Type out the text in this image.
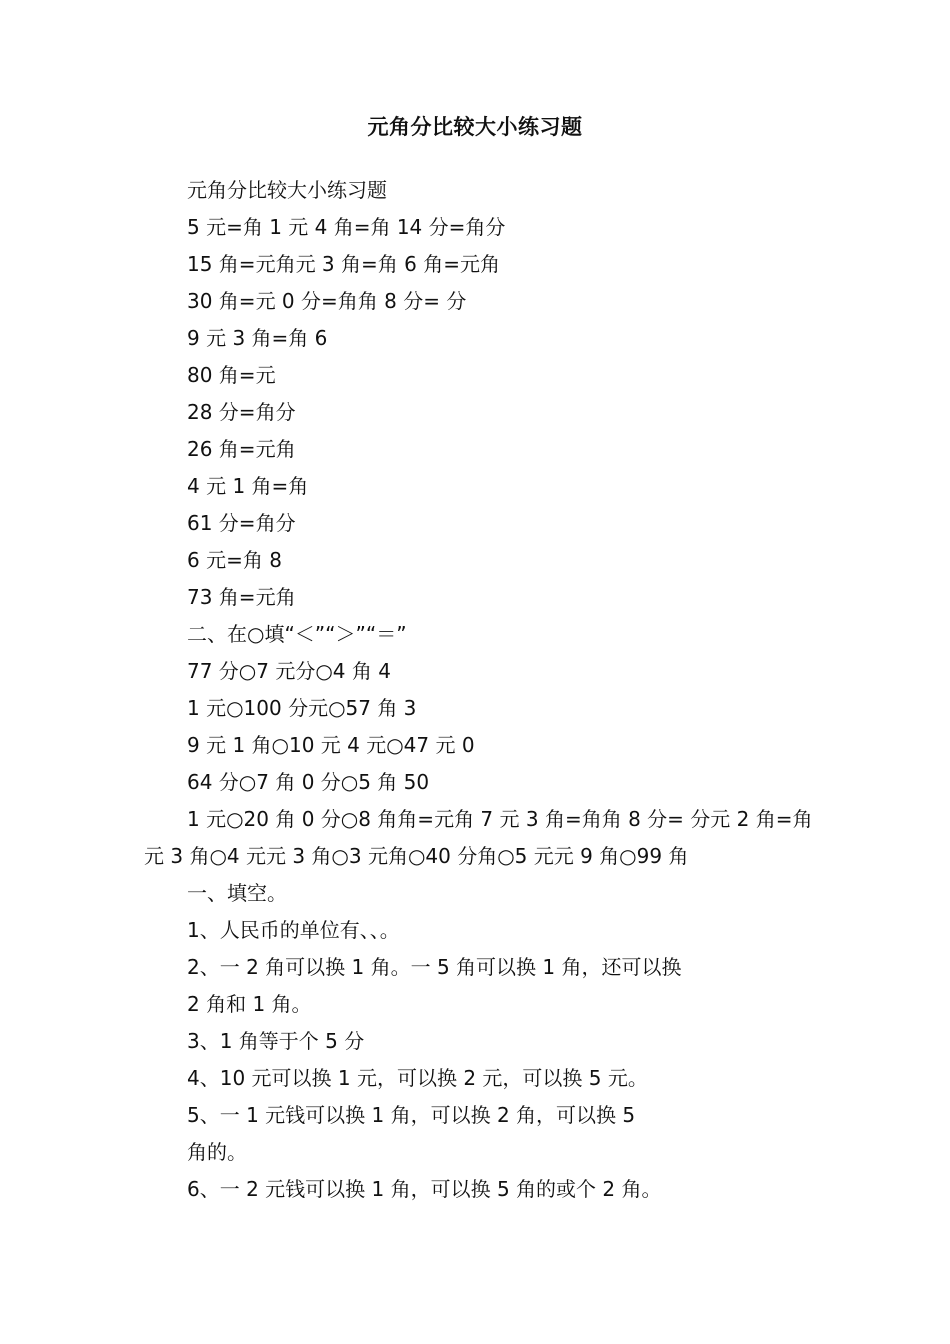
元角分比较大小练习题
元角分比较大小练习题
5 元=角 1 元 4 角=角 14 分=角分
15 角=元角元 3 角=角 6 角=元角
30 角=元 0 分=角角 8 分= 分
9 元 3 角=角 6
80 角=元
28 分=角分
26 角=元角
4 元 1 角=角
61 分=角分
6 元=角 8
73 角=元角
二、在○填“＜”“＞”“＝”
77 分○7 元分○4 角 4
1 元○100 分元○57 角 3
9 元 1 角○10 元 4 元○47 元 0
64 分○7 角 0 分○5 角 50
1 元○20 角 0 分○8 角角=元角 7 元 3 角=角角 8 分= 分元 2 角=角
元 3 角○4 元元 3 角○3 元角○40 分角○5 元元 9 角○99 角
一、填空。
1、人民币的单位有、、。
2、一 2 角可以换 1 角。一 5 角可以换 1 角，还可以换
2 角和 1 角。
3、1 角等于个 5 分
4、10 元可以换 1 元，可以换 2 元，可以换 5 元。
5、一 1 元钱可以换 1 角，可以换 2 角，可以换 5
角的。
6、一 2 元钱可以换 1 角，可以换 5 角的或个 2 角。
